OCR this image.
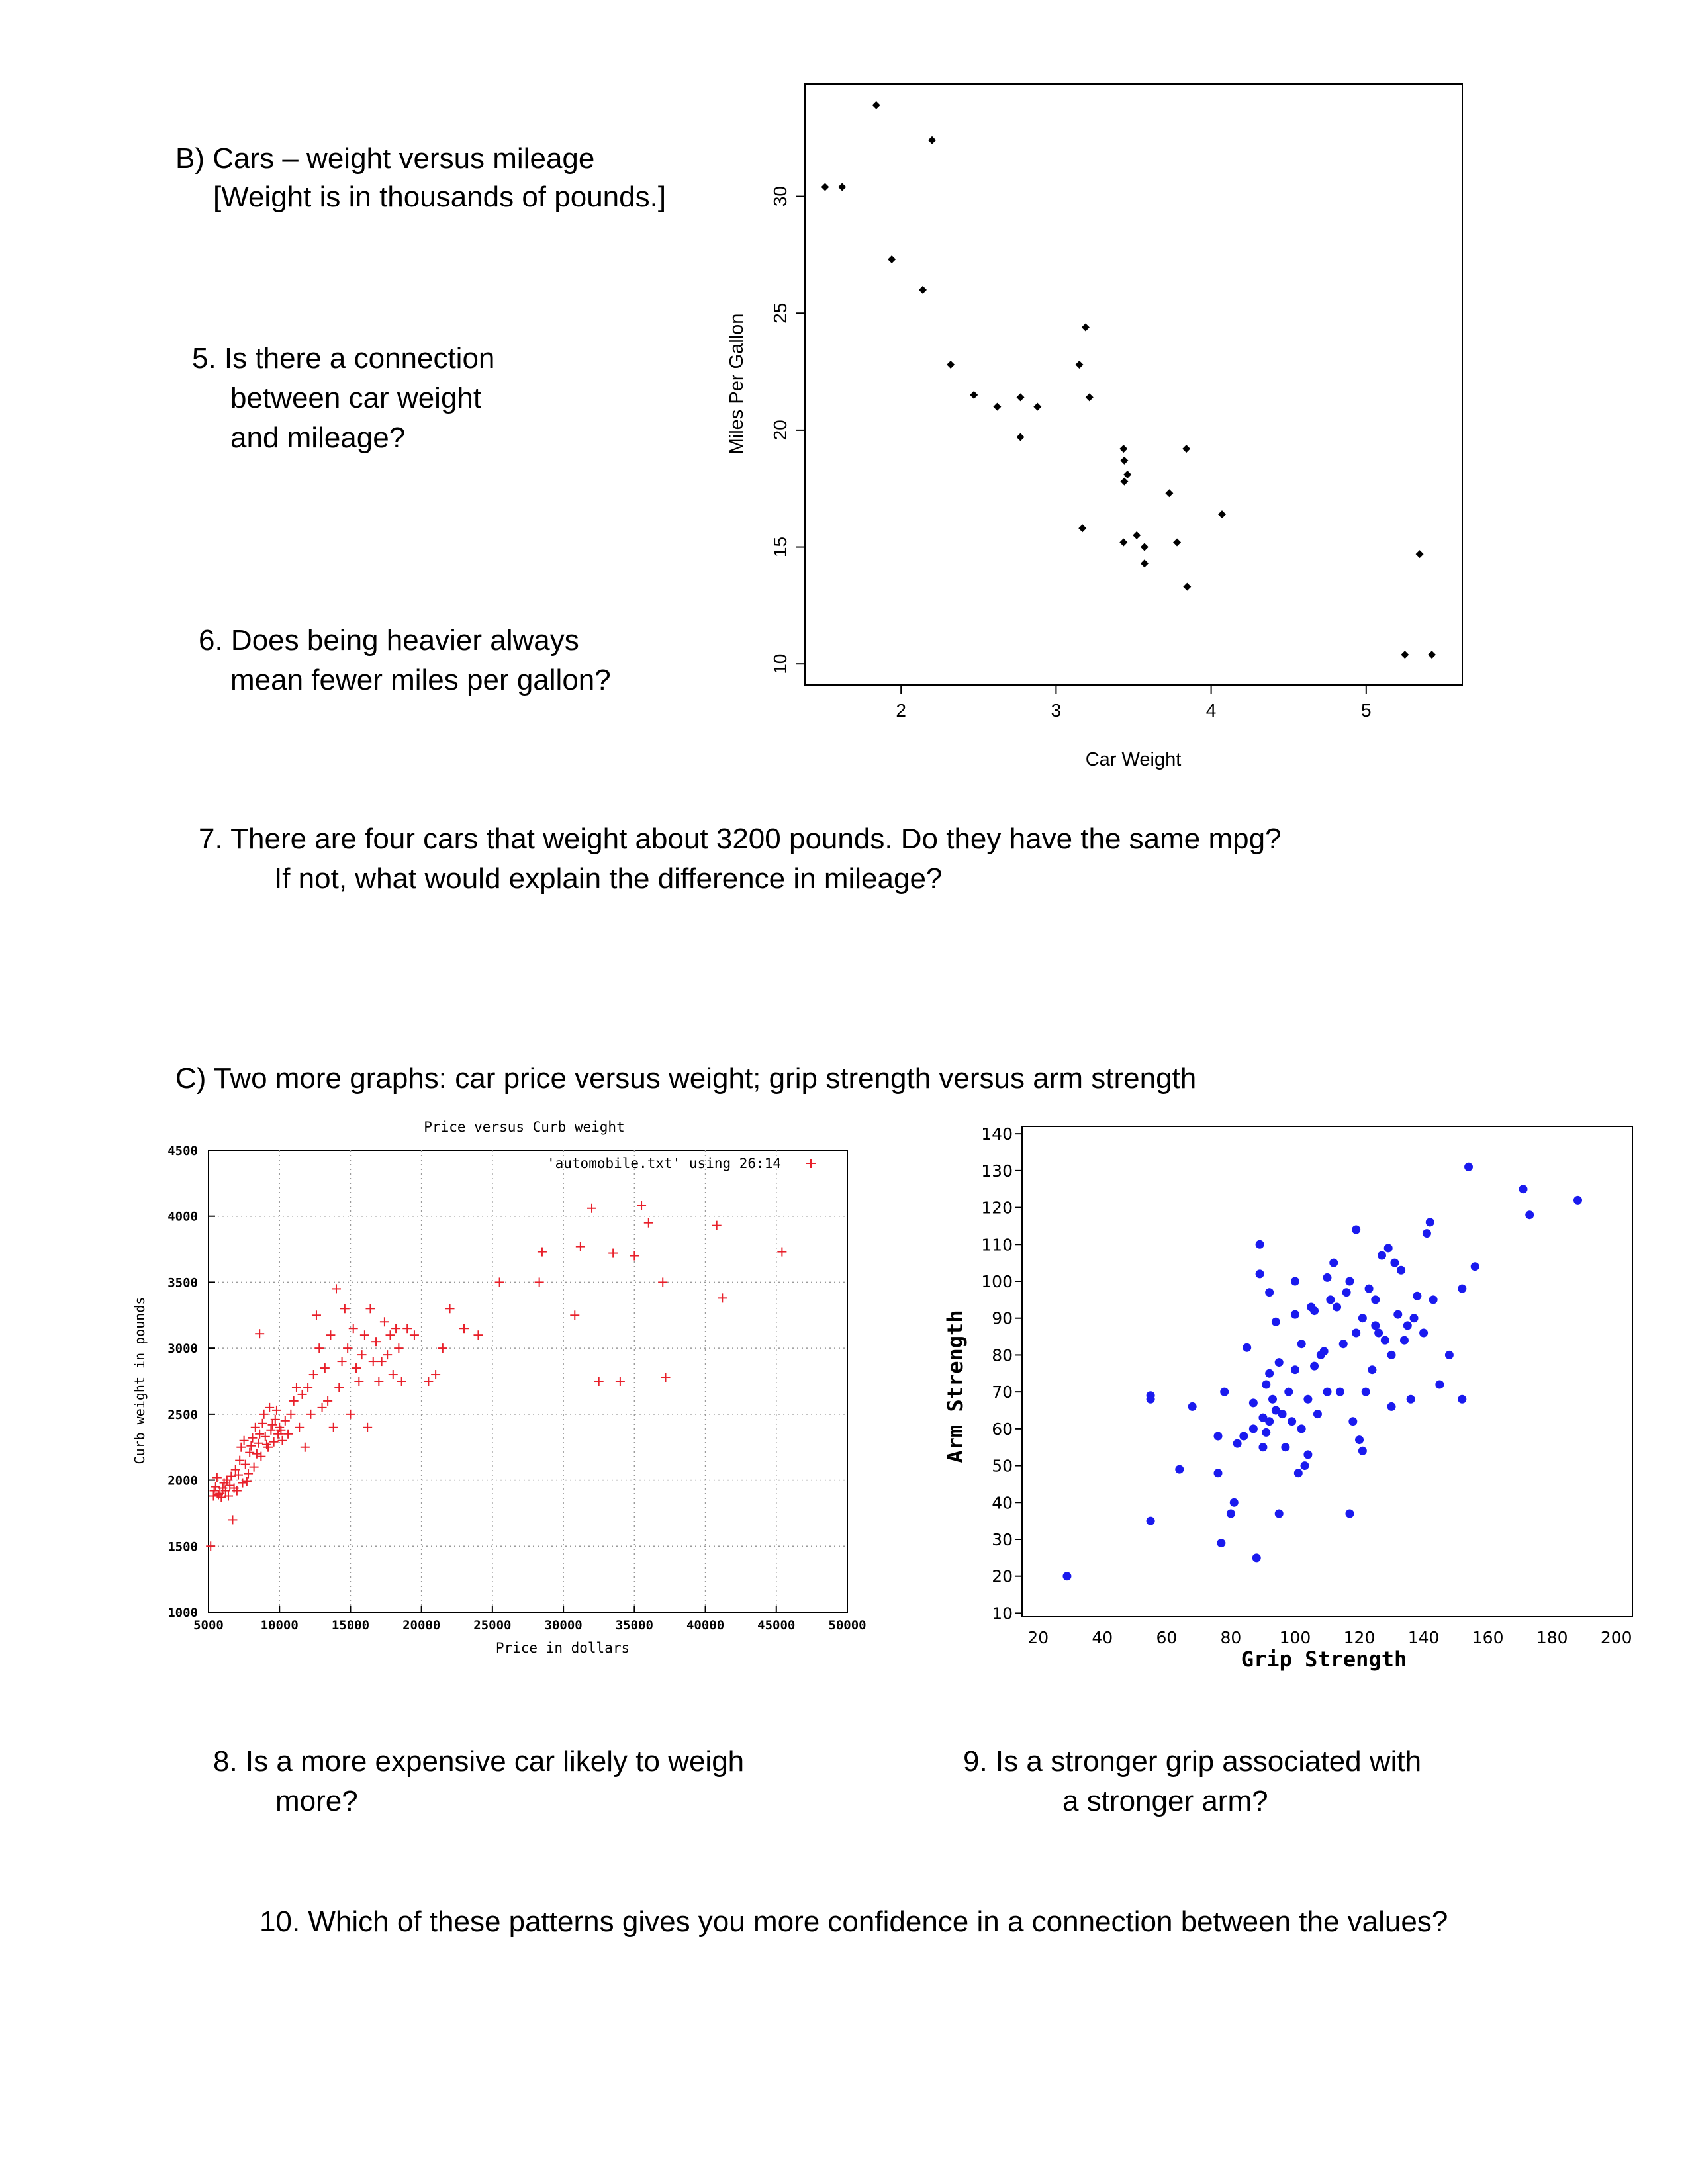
B) Cars – weight versus mileage
[Weight is in thousands of pounds.]
5. Is there a connection
between car weight
and mileage?
6. Does being heavier always
mean fewer miles per gallon?
2	3	4	5
10
15
20
25
30
Car Weight
Miles Per Gallon
7. There are four cars that weight about 3200 pounds. Do they have the same mpg?
If not, what would explain the difference in mileage?
C) Two more graphs: car price versus weight; grip strength versus arm strength
5000	10000	15000	20000	25000	30000	35000	40000	45000	50000
1000
1500
2000
2500
3000
3500
4000
4500
Price versus Curb weight
'automobile.txt' using 26:14
Price in dollars
Curb weight in pounds
20	40	60	80 100 120 140 160 180 200
10
20
30
40
50
60
70
80
90
100
110
120
130
140
Grip Strength
Arm Strength
8. Is a more expensive car likely to weigh
more?
9. Is a stronger grip associated with
a stronger arm?
10. Which of these patterns gives you more confidence in a connection between the values?
